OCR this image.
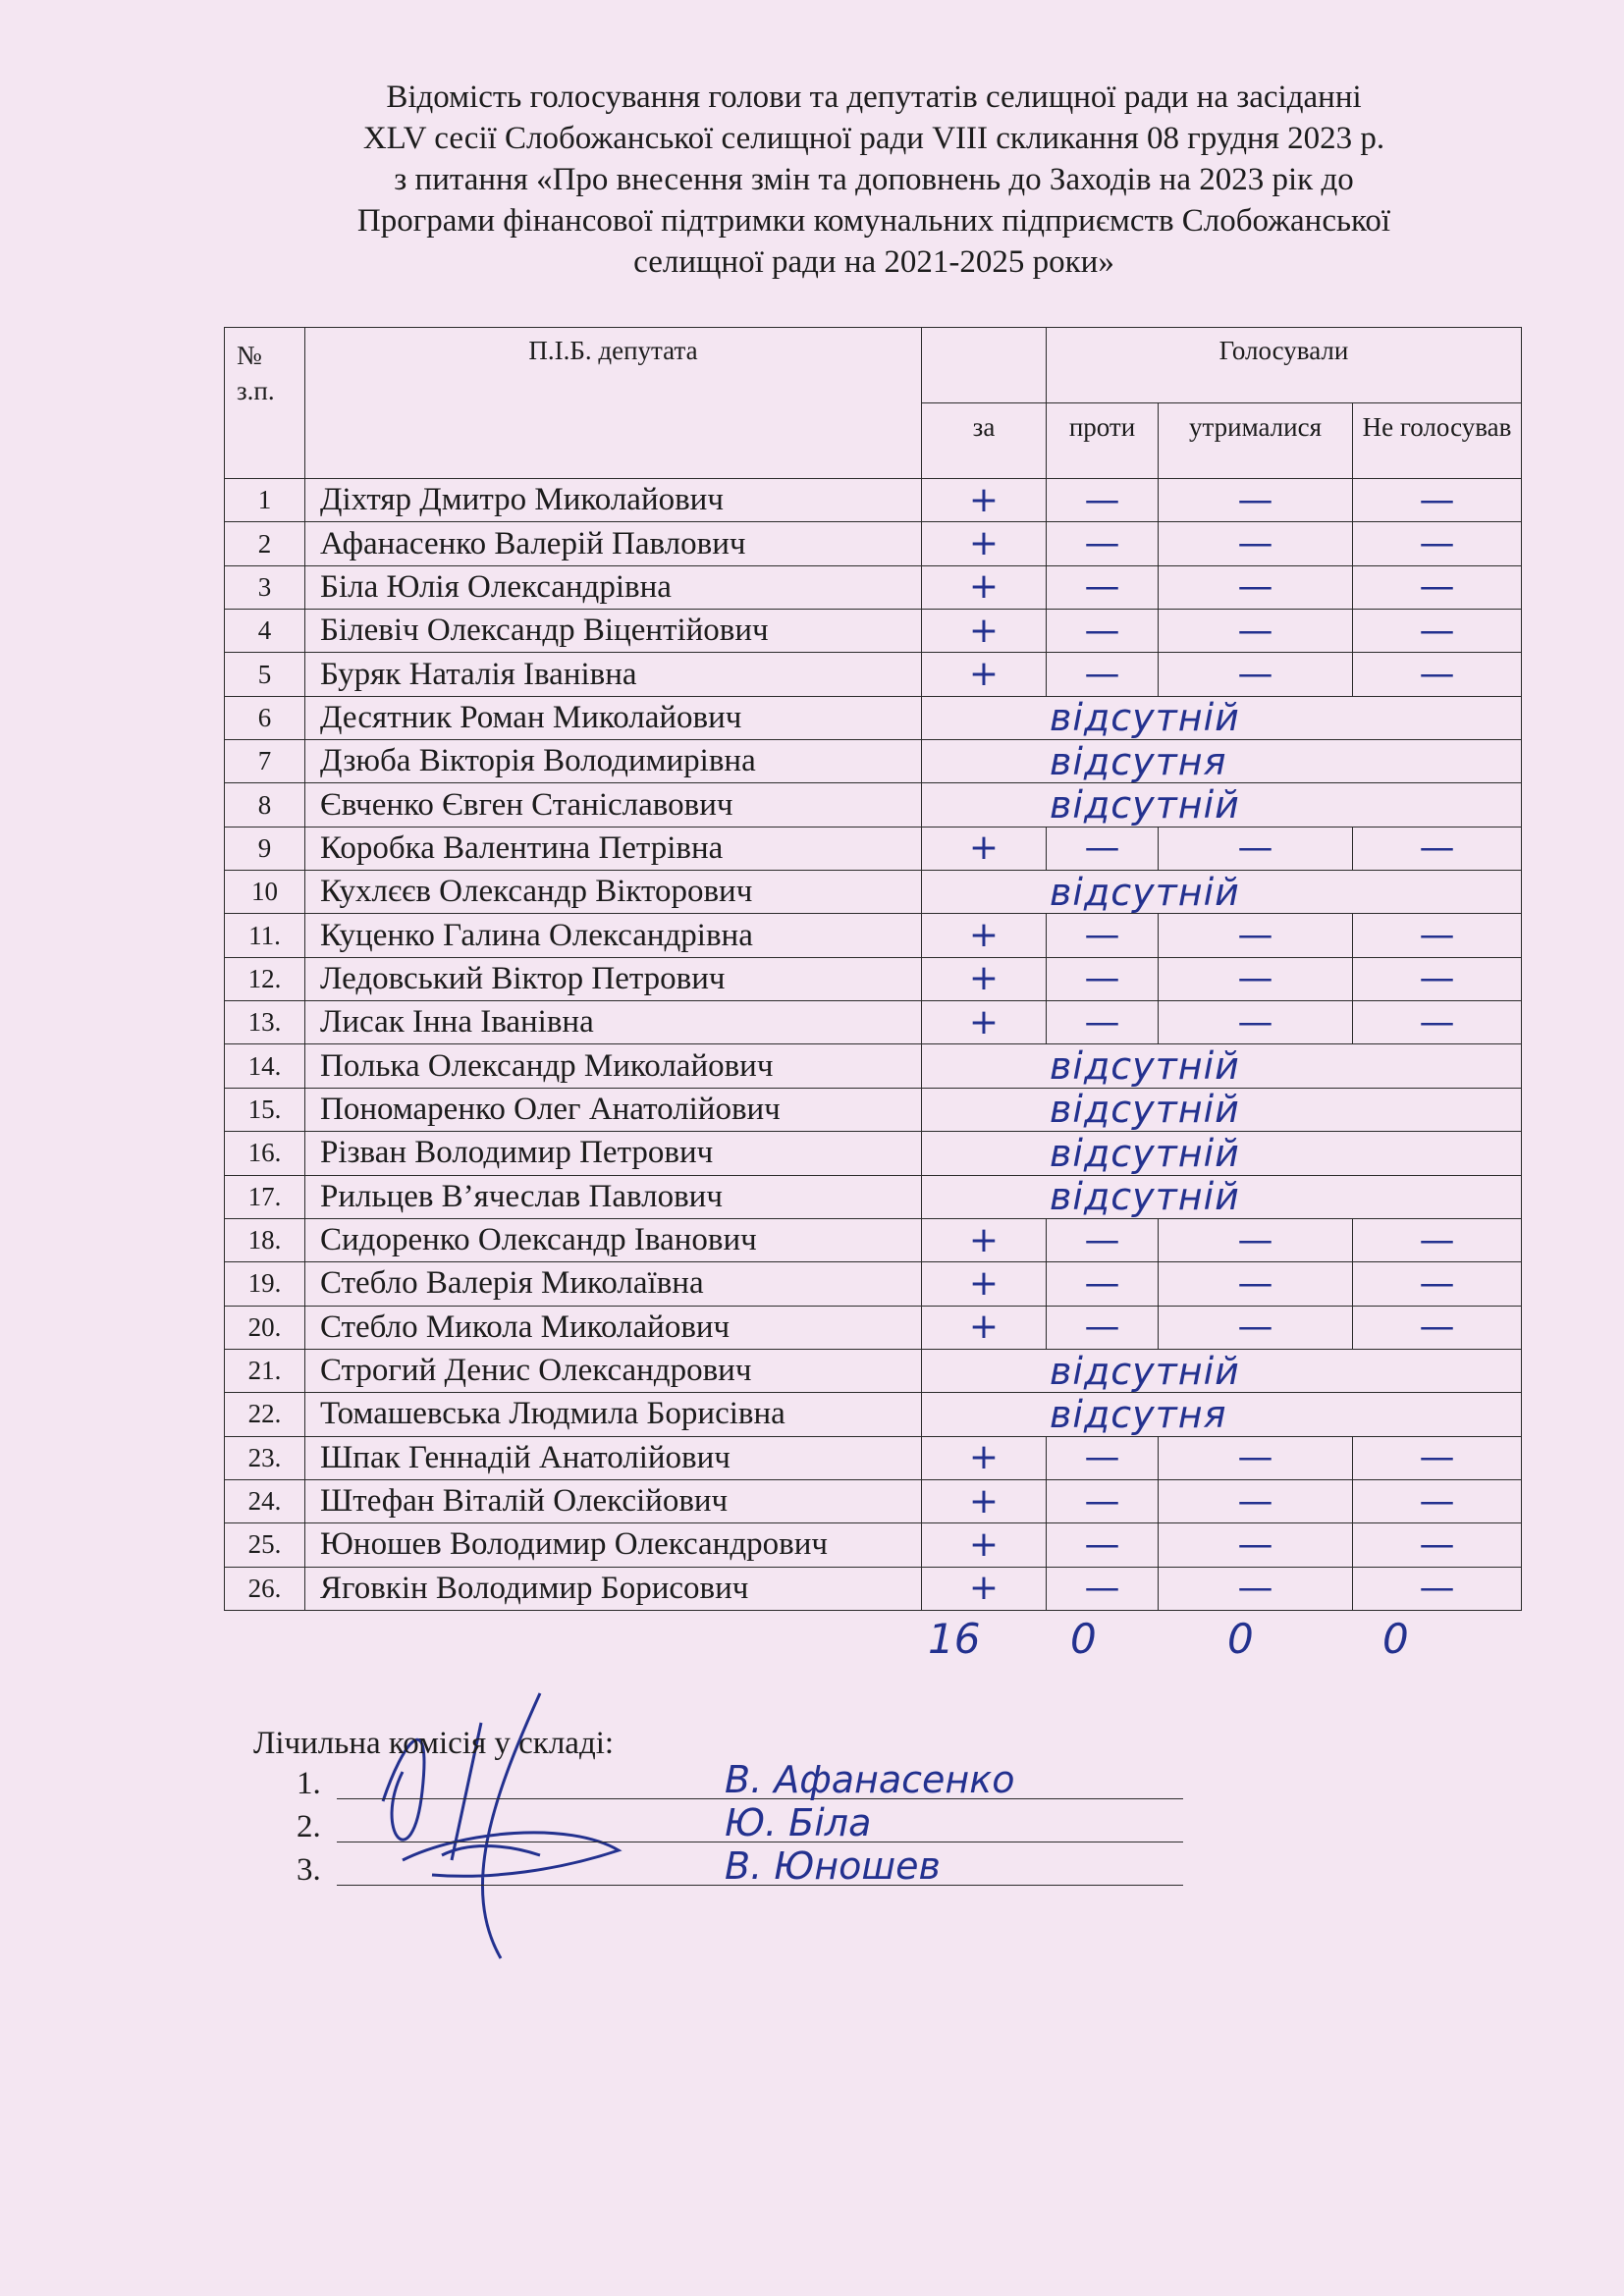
Відомість голосування голови та депутатів селищної ради на засіданні
XLV сесії Слобожанської селищної ради VIII скликання 08 грудня 2023 р.
з питання «Про внесення змін та доповнень до Заходів на 2023 рік до
Програми фінансової підтримки комунальних підприємств Слобожанської
селищної ради на 2021-2025 роки»
№ з.п.	П.І.Б. депутата		Голосували		
		за	проти	утрималися	Не голосував
1	Діхтяр Дмитро Миколайович	+	—	—	—
2	Афанасенко Валерій Павлович	+	—	—	—
3	Біла Юлія Олександрівна	+	—	—	—
4	Білевіч Олександр Віцентійович	+	—	—	—
5	Буряк Наталія Іванівна	+	—	—	—
6	Десятник Роман Миколайович	відсутній			
7	Дзюба Вікторія Володимирівна	відсутня			
8	Євченко Євген Станіславович	відсутній			
9	Коробка Валентина Петрівна	+	—	—	—
10	Кухлєєв Олександр Вікторович	відсутній			
11.	Куценко Галина Олександрівна	+	—	—	—
12.	Ледовський Віктор Петрович	+	—	—	—
13.	Лисак Інна Іванівна	+	—	—	—
14.	Полька Олександр Миколайович	відсутній			
15.	Пономаренко Олег Анатолійович	відсутній			
16.	Різван Володимир Петрович	відсутній			
17.	Рильцев В’ячеслав Павлович	відсутній			
18.	Сидоренко Олександр Іванович	+	—	—	—
19.	Стебло Валерія Миколаївна	+	—	—	—
20.	Стебло Микола Миколайович	+	—	—	—
21.	Строгий Денис Олександрович	відсутній			
22.	Томашевська Людмила Борисівна	відсутня			
23.	Шпак Геннадій Анатолійович	+	—	—	—
24.	Штефан Віталій Олексійович	+	—	—	—
25.	Юношев Володимир Олександрович	+	—	—	—
26.	Яговкін Володимир Борисович	+	—	—	—
16 0	0	0
Лічильна комісія у складі:
1.	В. Афанасенко
2.	Ю. Біла
3.	В. Юношев
